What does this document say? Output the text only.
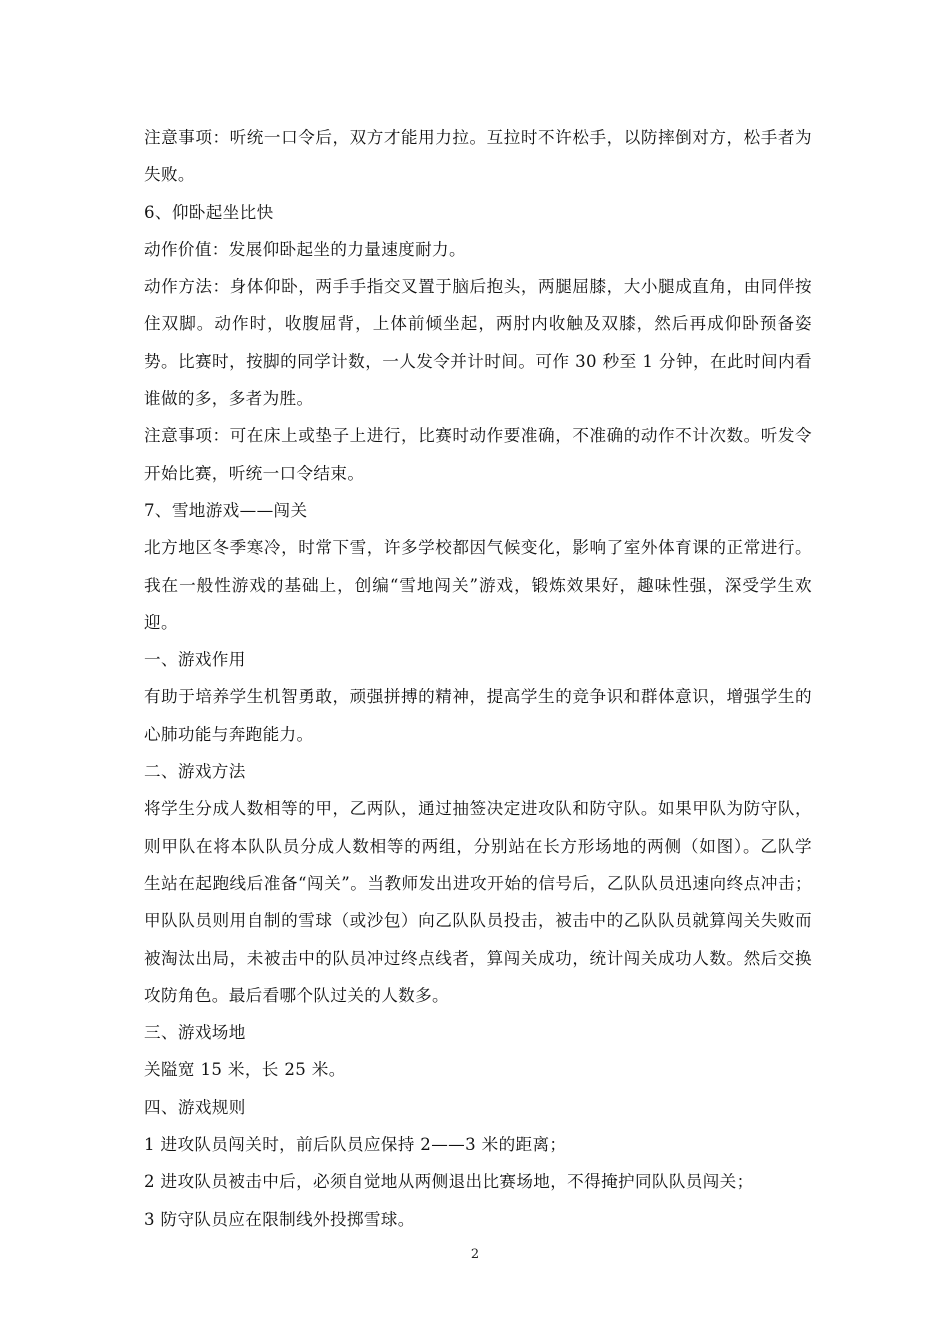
注意事项：听统一口令后，双方才能用力拉。互拉时不许松手，以防摔倒对方，松手者为失败。

6、仰卧起坐比快

动作价值：发展仰卧起坐的力量速度耐力。

动作方法：身体仰卧，两手手指交叉置于脑后抱头，两腿屈膝，大小腿成直角，由同伴按住双脚。动作时，收腹屈背，上体前倾坐起，两肘内收触及双膝，然后再成仰卧预备姿势。比赛时，按脚的同学计数，一人发令并计时间。可作 30 秒至 1 分钟，在此时间内看谁做的多，多者为胜。

注意事项：可在床上或垫子上进行，比赛时动作要准确，不准确的动作不计次数。听发令开始比赛，听统一口令结束。

7、雪地游戏——闯关

北方地区冬季寒冷，时常下雪，许多学校都因气候变化，影响了室外体育课的正常进行。我在一般性游戏的基础上，创编“雪地闯关”游戏，锻炼效果好，趣味性强，深受学生欢迎。

一、游戏作用

有助于培养学生机智勇敢，顽强拼搏的精神，提高学生的竞争识和群体意识，增强学生的心肺功能与奔跑能力。

二、游戏方法

将学生分成人数相等的甲，乙两队，通过抽签决定进攻队和防守队。如果甲队为防守队，则甲队在将本队队员分成人数相等的两组，分别站在长方形场地的两侧（如图）。乙队学生站在起跑线后准备“闯关”。当教师发出进攻开始的信号后，乙队队员迅速向终点冲击；甲队队员则用自制的雪球（或沙包）向乙队队员投击，被击中的乙队队员就算闯关失败而被淘汰出局，未被击中的队员冲过终点线者，算闯关成功，统计闯关成功人数。然后交换攻防角色。最后看哪个队过关的人数多。

三、游戏场地

关隘宽 15 米，长 25 米。

四、游戏规则

1 进攻队员闯关时，前后队员应保持 2——3 米的距离；

2 进攻队员被击中后，必须自觉地从两侧退出比赛场地，不得掩护同队队员闯关；

3 防守队员应在限制线外投掷雪球。

2
